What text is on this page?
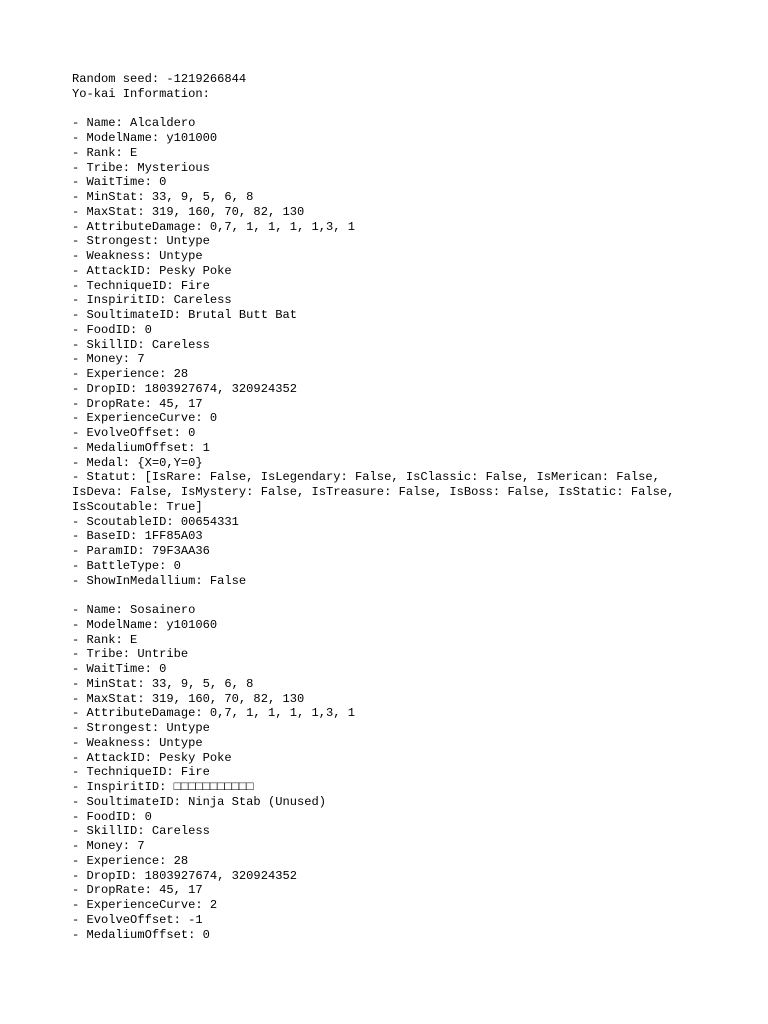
Random seed: -1219266844
Yo-kai Information:
- Name: Alcaldero
- ModelName: y101000
- Rank: E
- Tribe: Mysterious
- WaitTime: 0
- MinStat: 33, 9, 5, 6, 8
- MaxStat: 319, 160, 70, 82, 130
- AttributeDamage: 0,7, 1, 1, 1, 1,3, 1
- Strongest: Untype
- Weakness: Untype
- AttackID: Pesky Poke
- TechniqueID: Fire
- InspiritID: Careless
- SoultimateID: Brutal Butt Bat
- FoodID: 0
- SkillID: Careless
- Money: 7
- Experience: 28
- DropID: 1803927674, 320924352
- DropRate: 45, 17
- ExperienceCurve: 0
- EvolveOffset: 0
- MedaliumOffset: 1
- Medal: {X=0,Y=0}
- Statut: [IsRare: False, IsLegendary: False, IsClassic: False, IsMerican: False,
IsDeva: False, IsMystery: False, IsTreasure: False, IsBoss: False, IsStatic: False,
IsScoutable: True]
- ScoutableID: 00654331
- BaseID: 1FF85A03
- ParamID: 79F3AA36
- BattleType: 0
- ShowInMedallium: False
- Name: Sosainero
- ModelName: y101060
- Rank: E
- Tribe: Untribe
- WaitTime: 0
- MinStat: 33, 9, 5, 6, 8
- MaxStat: 319, 160, 70, 82, 130
- AttributeDamage: 0,7, 1, 1, 1, 1,3, 1
- Strongest: Untype
- Weakness: Untype
- AttackID: Pesky Poke
- TechniqueID: Fire
- InspiritID: □□□□□□□□□□□
- SoultimateID: Ninja Stab (Unused)
- FoodID: 0
- SkillID: Careless
- Money: 7
- Experience: 28
- DropID: 1803927674, 320924352
- DropRate: 45, 17
- ExperienceCurve: 2
- EvolveOffset: -1
- MedaliumOffset: 0
